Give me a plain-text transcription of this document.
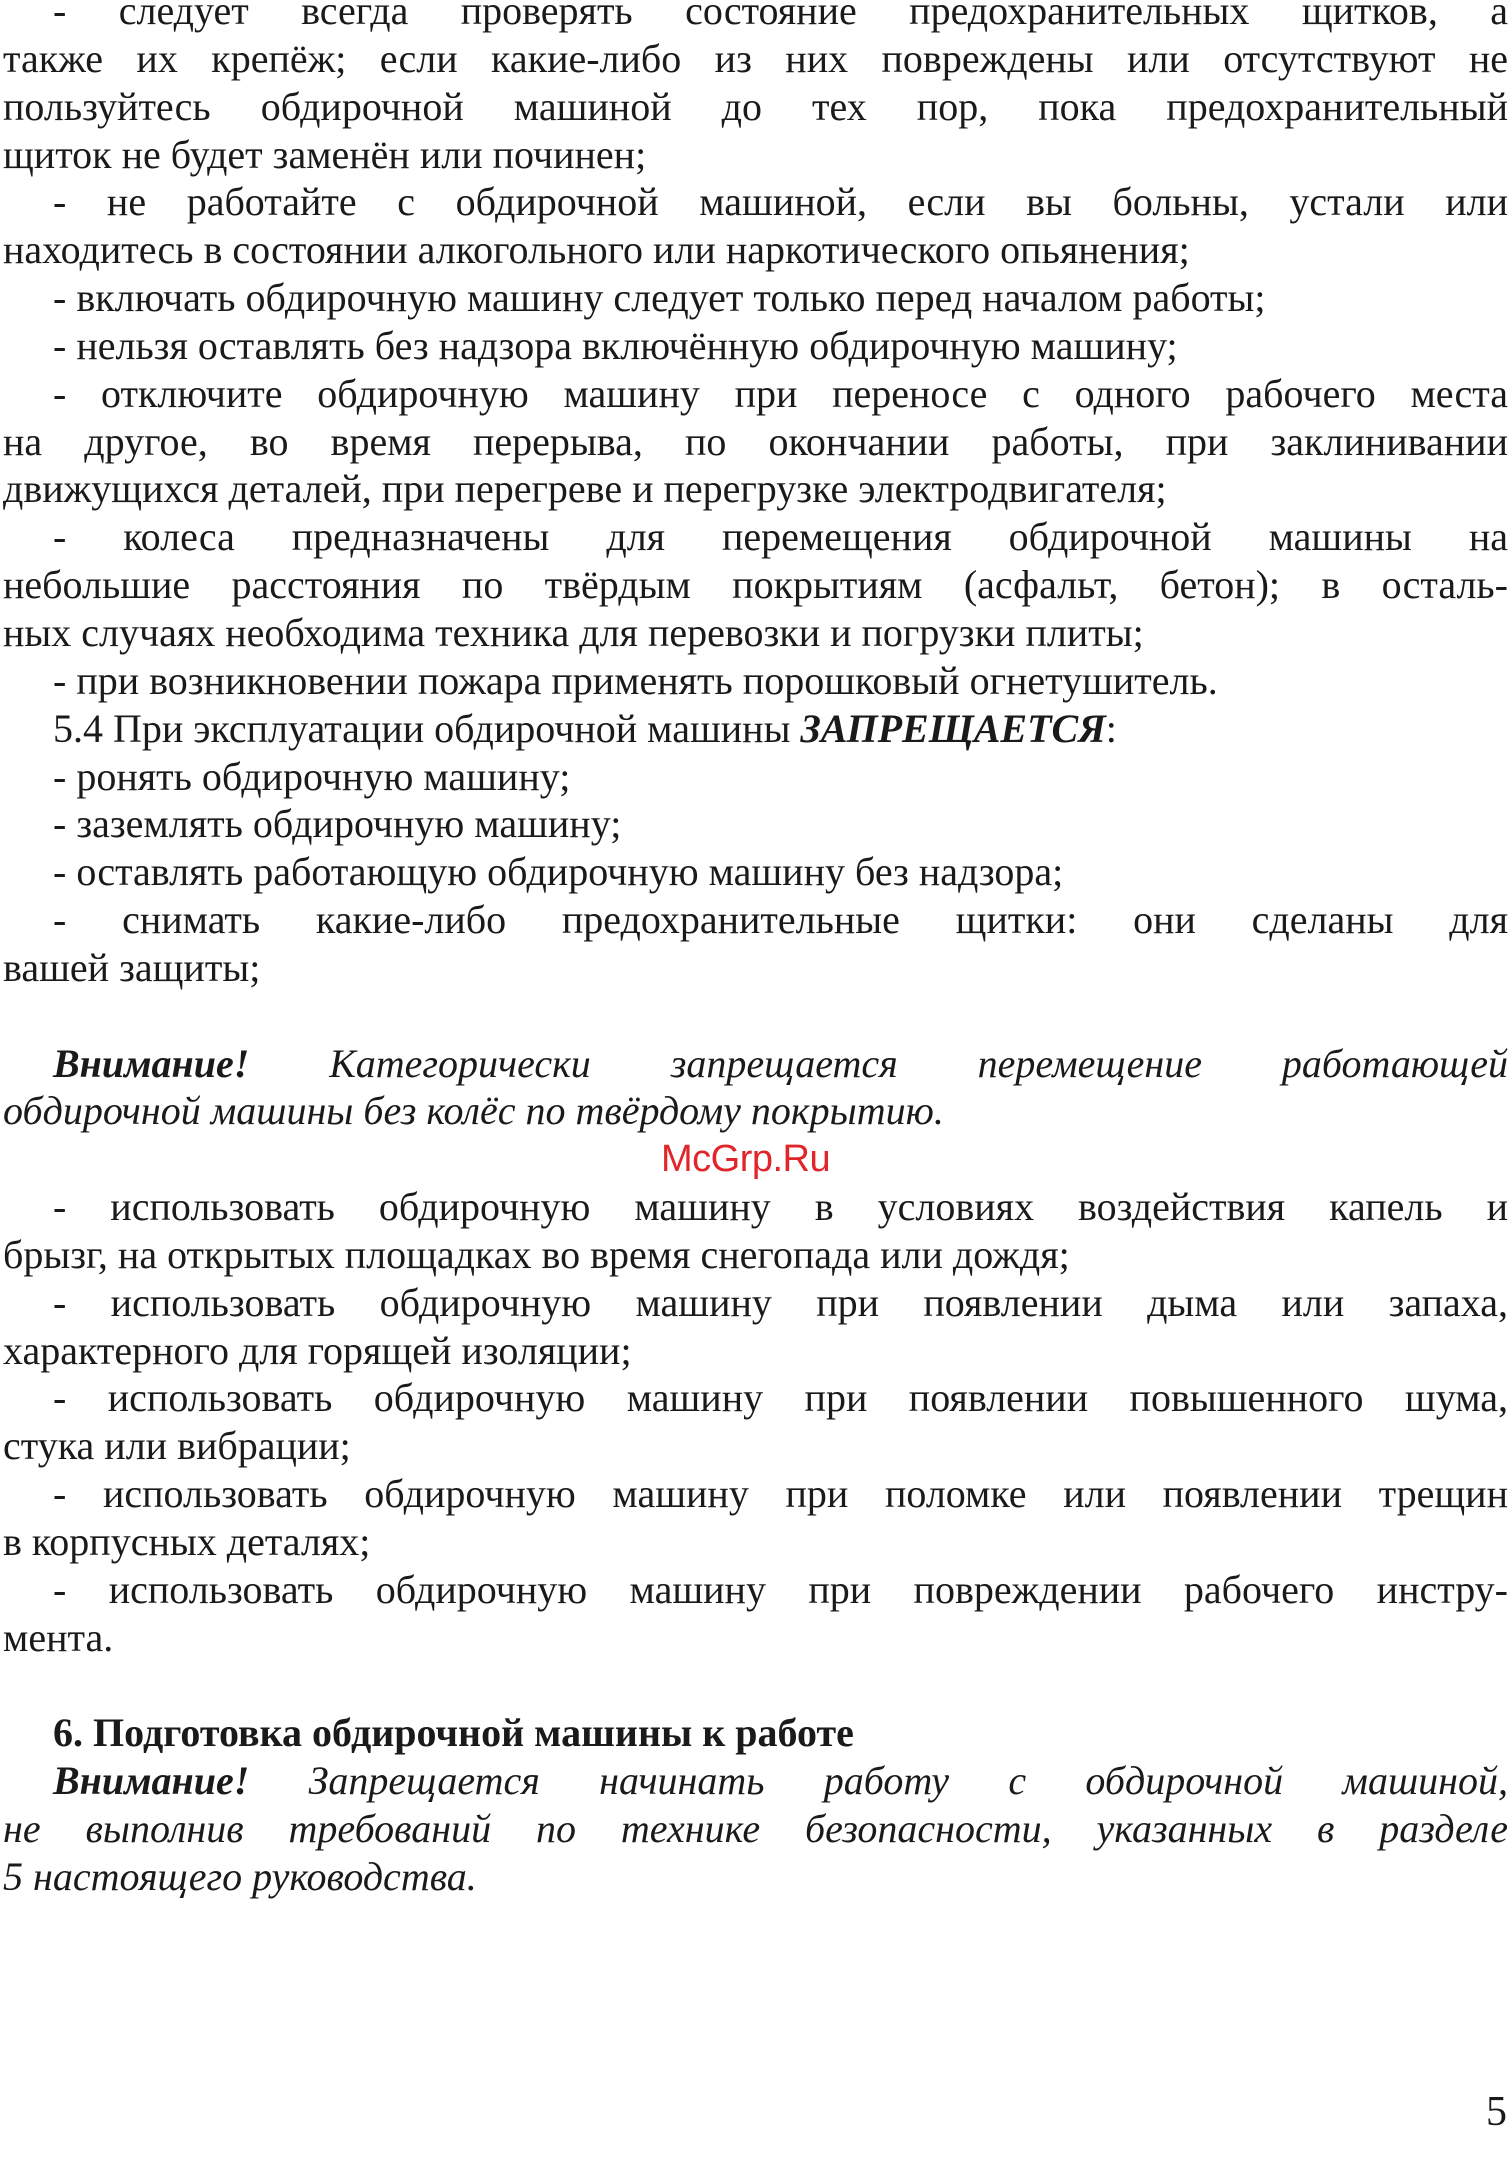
- следует всегда проверять состояние предохранительных щитков, а
также их крепёж; если какие-либо из них повреждены или отсутствуют не
пользуйтесь обдирочной машиной до тех пор, пока предохранительный
щиток не будет заменён или починен;
- не работайте с обдирочной машиной, если вы больны, устали или
находитесь в состоянии алкогольного или наркотического опьянения;
- включать обдирочную машину следует только перед началом работы;
- нельзя оставлять без надзора включённую обдирочную машину;
- отключите обдирочную машину при переносе с одного рабочего места
на другое, во время перерыва, по окончании работы, при заклинивании
движущихся деталей, при перегреве и перегрузке электродвигателя;
- колеса предназначены для перемещения обдирочной машины на
небольшие расстояния по твёрдым покрытиям (асфальт, бетон); в осталь-
ных случаях необходима техника для перевозки и погрузки плиты;
- при возникновении пожара применять порошковый огнетушитель.
5.4 При эксплуатации обдирочной машины ЗАПРЕЩАЕТСЯ:
- ронять обдирочную машину;
- заземлять обдирочную машину;
- оставлять работающую обдирочную машину без надзора;
- снимать какие-либо предохранительные щитки: они сделаны для
вашей защиты;
Внимание! Категорически запрещается перемещение работающей
обдирочной машины без колёс по твёрдому покрытию.
- использовать обдирочную машину в условиях воздействия капель и
брызг, на открытых площадках во время снегопада или дождя;
- использовать обдирочную машину при появлении дыма или запаха,
характерного для горящей изоляции;
- использовать обдирочную машину при появлении повышенного шума,
стука или вибрации;
- использовать обдирочную машину при поломке или появлении трещин
в корпусных деталях;
- использовать обдирочную машину при повреждении рабочего инстру-
мента.
6. Подготовка обдирочной машины к работе
Внимание! Запрещается начинать работу с обдирочной машиной,
не выполнив требований по технике безопасности, указанных в разделе
5 настоящего руководства.
McGrp.Ru
5
